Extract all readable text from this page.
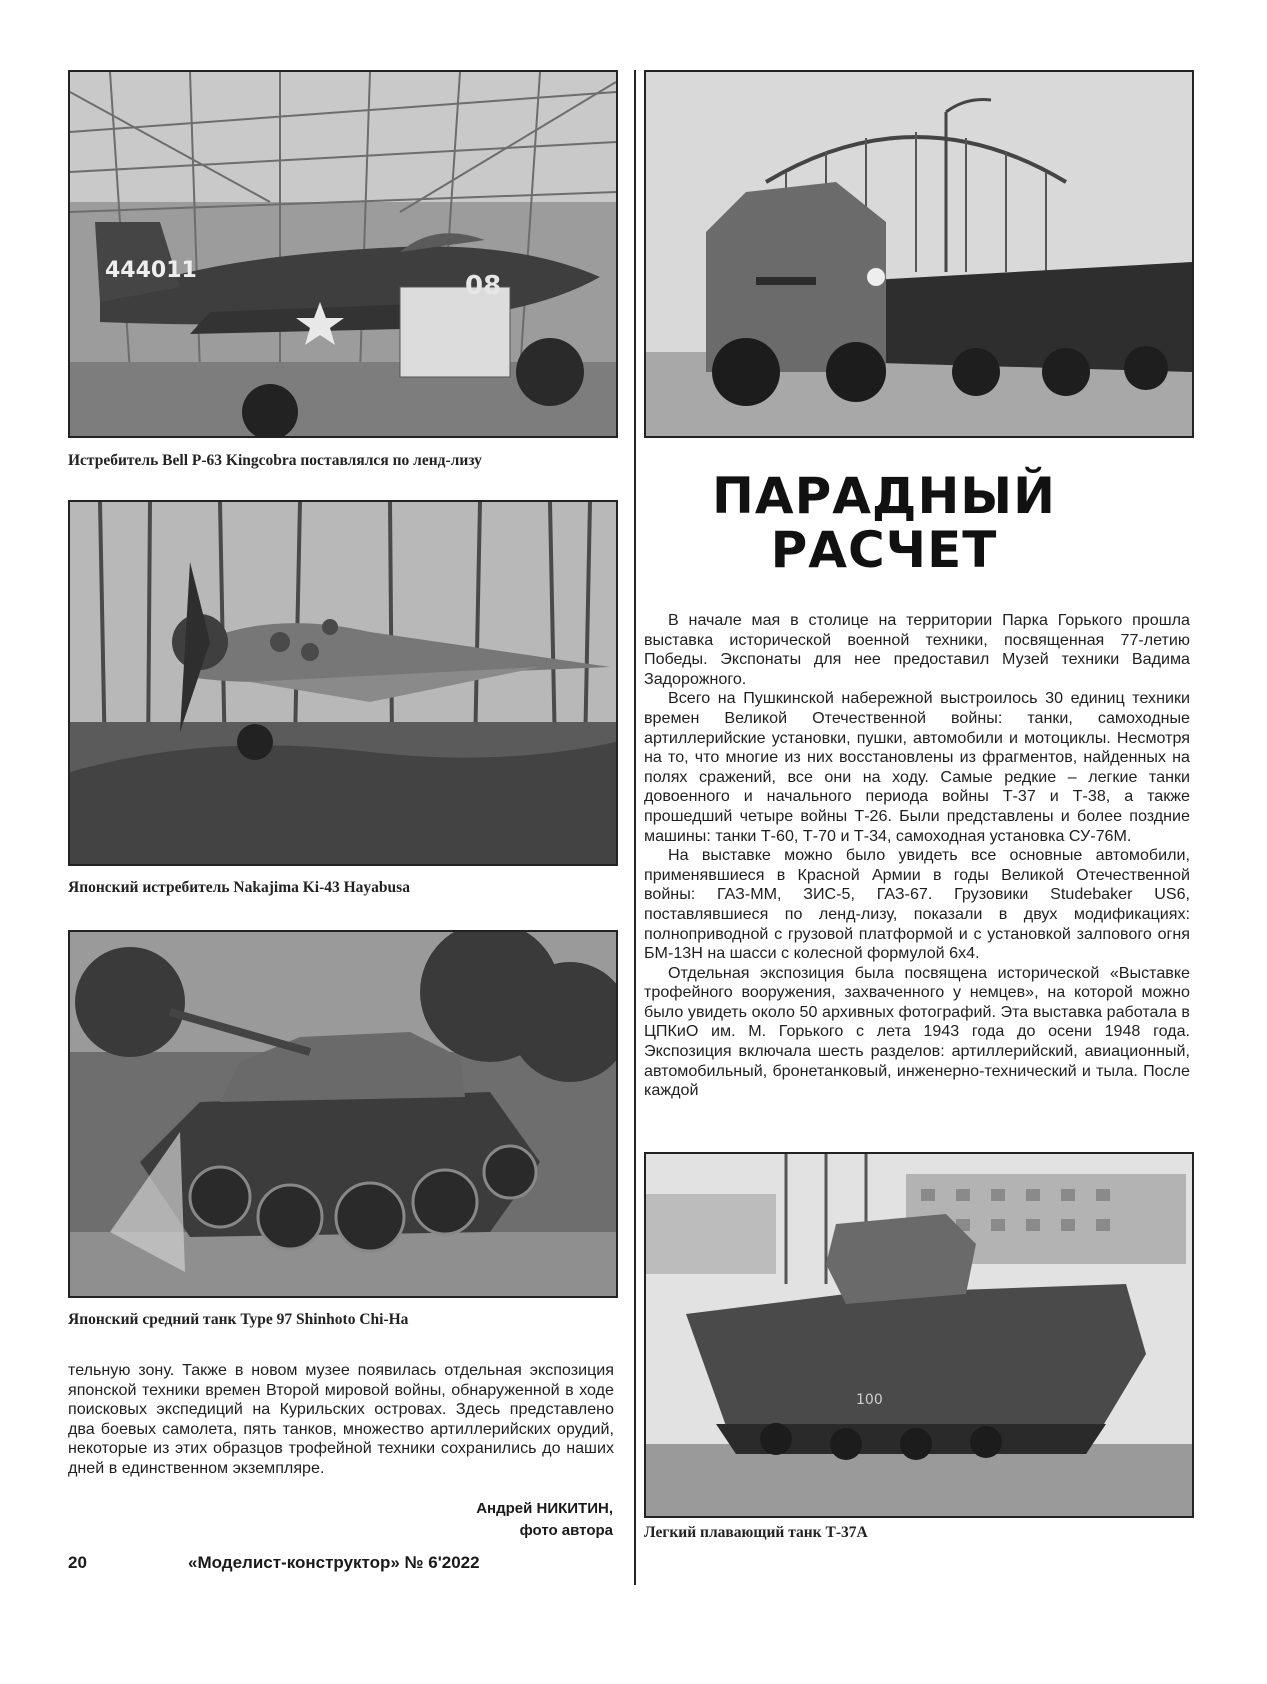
444011
08
Истребитель Bell P-63 Kingcobra поставлялся по ленд-лизу
Японский истребитель Nakajima Ki-43 Hayabusa
Японский средний танк Type 97 Shinhoto Chi-Ha
ПАРАДНЫЙ
РАСЧЕТ

В начале мая в столице на территории Парка Горького прошла выставка исторической военной техники, посвященная 77-летию Победы. Экспонаты для нее предоставил Музей техники Вадима Задорожного.

Всего на Пушкинской набережной выстроилось 30 единиц техники времен Великой Отечественной войны: танки, самоходные артиллерийские установки, пушки, автомобили и мотоциклы. Несмотря на то, что многие из них восстановлены из фрагментов, найденных на полях сражений, все они на ходу. Самые редкие – легкие танки довоенного и начального периода войны Т-37 и Т-38, а также прошедший четыре войны Т-26. Были представлены и более поздние машины: танки Т-60, Т-70 и Т-34, самоходная установка СУ-76М.

На выставке можно было увидеть все основные автомобили, применявшиеся в Красной Армии в годы Великой Отечественной войны: ГАЗ-ММ, ЗИС-5, ГАЗ-67. Грузовики Studebaker US6, поставлявшиеся по ленд-лизу, показали в двух модификациях: полноприводной с грузовой платформой и с установкой залпового огня БМ-13Н на шасси с колесной формулой 6х4.

Отдельная экспозиция была посвящена исторической «Выставке трофейного вооружения, захваченного у немцев», на которой можно было увидеть около 50 архивных фотографий. Эта выставка работала в ЦПКиО им. М. Горького с лета 1943 года до осени 1948 года. Экспозиция включала шесть разделов: артиллерийский, авиационный, автомобильный, бронетанковый, инженерно-технический и тыла. После каждой

100
Легкий плавающий танк Т-37А

тельную зону. Также в новом музее появилась отдельная экспозиция японской техники времен Второй мировой войны, обнаруженной в ходе поисковых экспедиций на Курильских островах. Здесь представлено два боевых самолета, пять танков, множество артиллерийских орудий, некоторые из этих образцов трофейной техники сохранились до наших дней в единственном экземпляре.

Андрей НИКИТИН,
фото автора
20	«Моделист-конструктор» № 6'2022
